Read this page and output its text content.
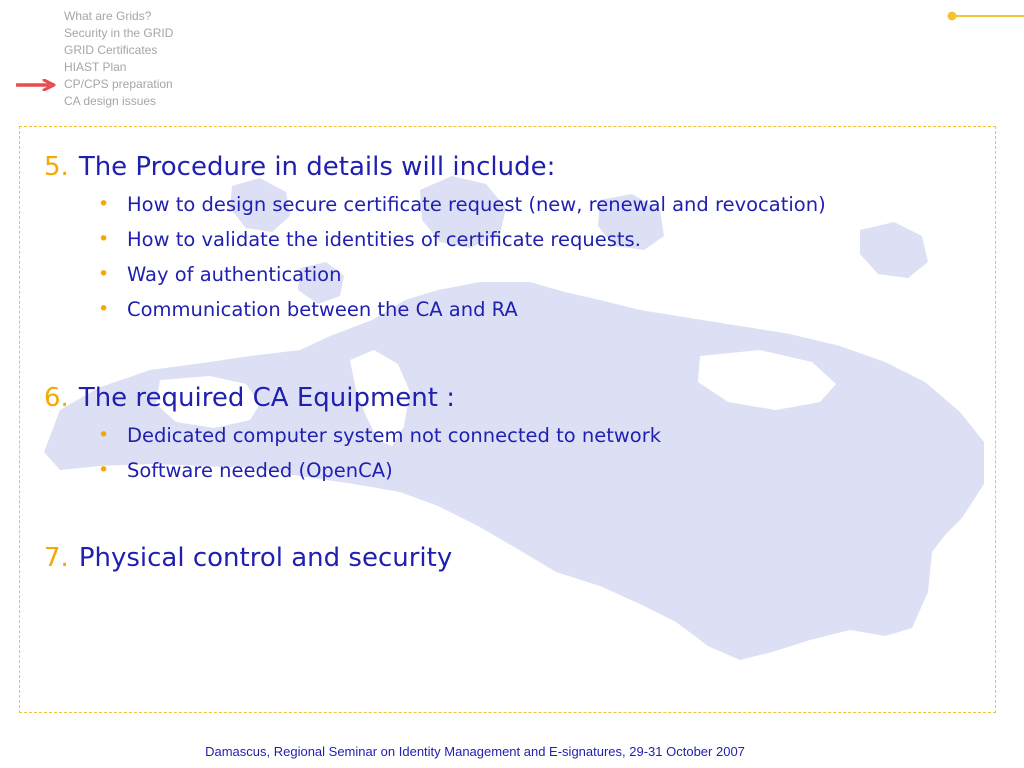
What are Grids?
Security in the GRID
GRID Certificates
HIAST Plan
CP/CPS preparation
CA design issues
5. The Procedure in details will include:
• How to design secure certificate request (new, renewal and revocation)
• How to validate the identities of certificate requests.
• Way of authentication
• Communication between the CA and RA
6. The required CA Equipment :
• Dedicated computer system not connected to network
• Software needed (OpenCA)
7. Physical control and security
Damascus, Regional Seminar on Identity Management and E-signatures, 29-31 October 2007
